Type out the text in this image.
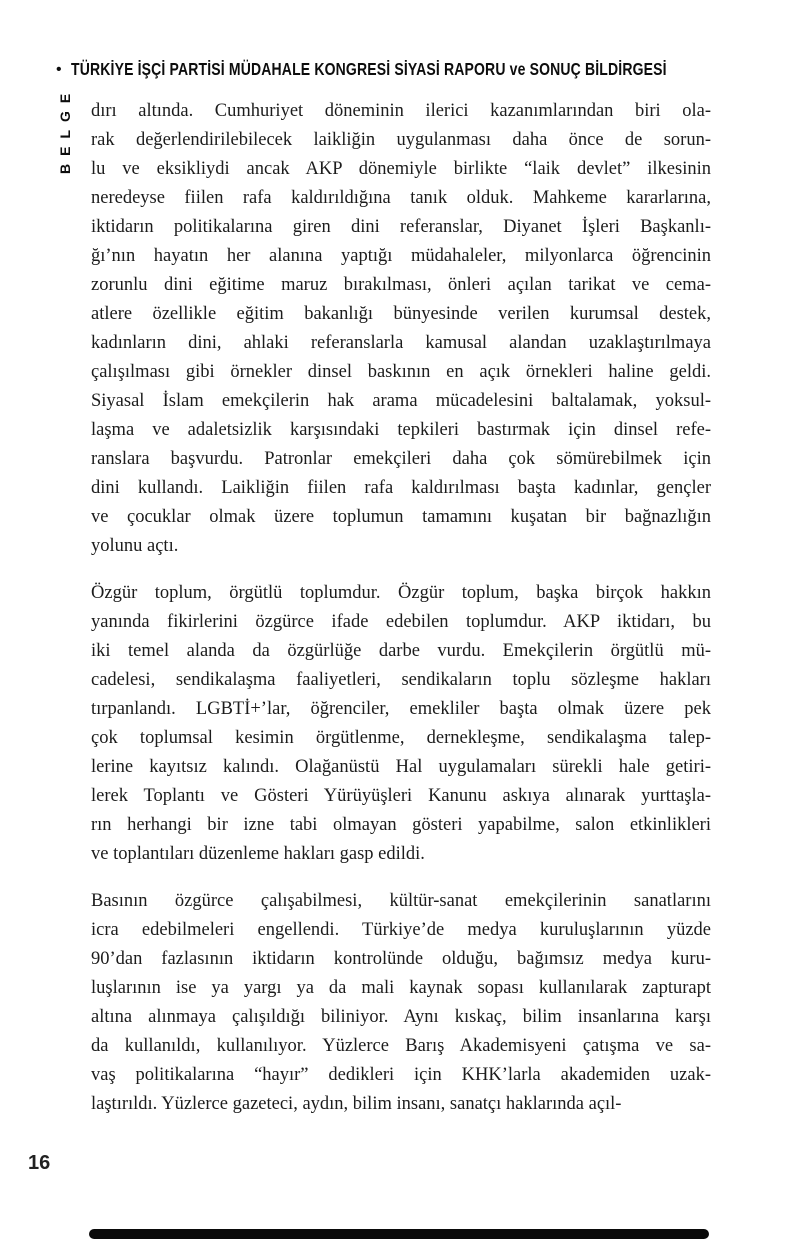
• TÜRKİYE İŞÇİ PARTİSİ MÜDAHALE KONGRESİ SİYASİ RAPORU ve SONUÇ BİLDİRGESİ
BELGE dırı altında. Cumhuriyet döneminin ilerici kazanımlarından biri ola-
rak değerlendirilebilecek laikliğin uygulanması daha önce de sorun-
lu ve eksikliydi ancak AKP dönemiyle birlikte “laik devlet” ilkesinin
neredeyse fiilen rafa kaldırıldığına tanık olduk. Mahkeme kararlarına,
iktidarın politikalarına giren dini referanslar, Diyanet İşleri Başkanlı-
ğı’nın hayatın her alanına yaptığı müdahaleler, milyonlarca öğrencinin
zorunlu dini eğitime maruz bırakılması, önleri açılan tarikat ve cema-
atlere özellikle eğitim bakanlığı bünyesinde verilen kurumsal destek,
kadınların dini, ahlaki referanslarla kamusal alandan uzaklaştırılmaya
çalışılması gibi örnekler dinsel baskının en açık örnekleri haline geldi.
Siyasal İslam emekçilerin hak arama mücadelesini baltalamak, yoksul-
laşma ve adaletsizlik karşısındaki tepkileri bastırmak için dinsel refe-
ranslara başvurdu. Patronlar emekçileri daha çok sömürebilmek için
dini kullandı. Laikliğin fiilen rafa kaldırılması başta kadınlar, gençler
ve çocuklar olmak üzere toplumun tamamını kuşatan bir bağnazlığın
yolunu açtı.
Özgür toplum, örgütlü toplumdur. Özgür toplum, başka birçok hakkın
yanında fikirlerini özgürce ifade edebilen toplumdur. AKP iktidarı, bu
iki temel alanda da özgürlüğe darbe vurdu. Emekçilerin örgütlü mü-
cadelesi, sendikalaşma faaliyetleri, sendikaların toplu sözleşme hakları
tırpanlandı. LGBTİ+’lar, öğrenciler, emekliler başta olmak üzere pek
çok toplumsal kesimin örgütlenme, dernekleşme, sendikalaşma talep-
lerine kayıtsız kalındı. Olağanüstü Hal uygulamaları sürekli hale getiri-
lerek Toplantı ve Gösteri Yürüyüşleri Kanunu askıya alınarak yurttaşla-
rın herhangi bir izne tabi olmayan gösteri yapabilme, salon etkinlikleri
ve toplantıları düzenleme hakları gasp edildi.
Basının özgürce çalışabilmesi, kültür-sanat emekçilerinin sanatlarını
icra edebilmeleri engellendi. Türkiye’de medya kuruluşlarının yüzde
90’dan fazlasının iktidarın kontrolünde olduğu, bağımsız medya kuru-
luşlarının ise ya yargı ya da mali kaynak sopası kullanılarak zapturapt
altına alınmaya çalışıldığı biliniyor. Aynı kıskaç, bilim insanlarına karşı
da kullanıldı, kullanılıyor. Yüzlerce Barış Akademisyeni çatışma ve sa-
vaş politikalarına “hayır” dedikleri için KHK’larla akademiden uzak-
laştırıldı. Yüzlerce gazeteci, aydın, bilim insanı, sanatçı haklarında açıl-
16
